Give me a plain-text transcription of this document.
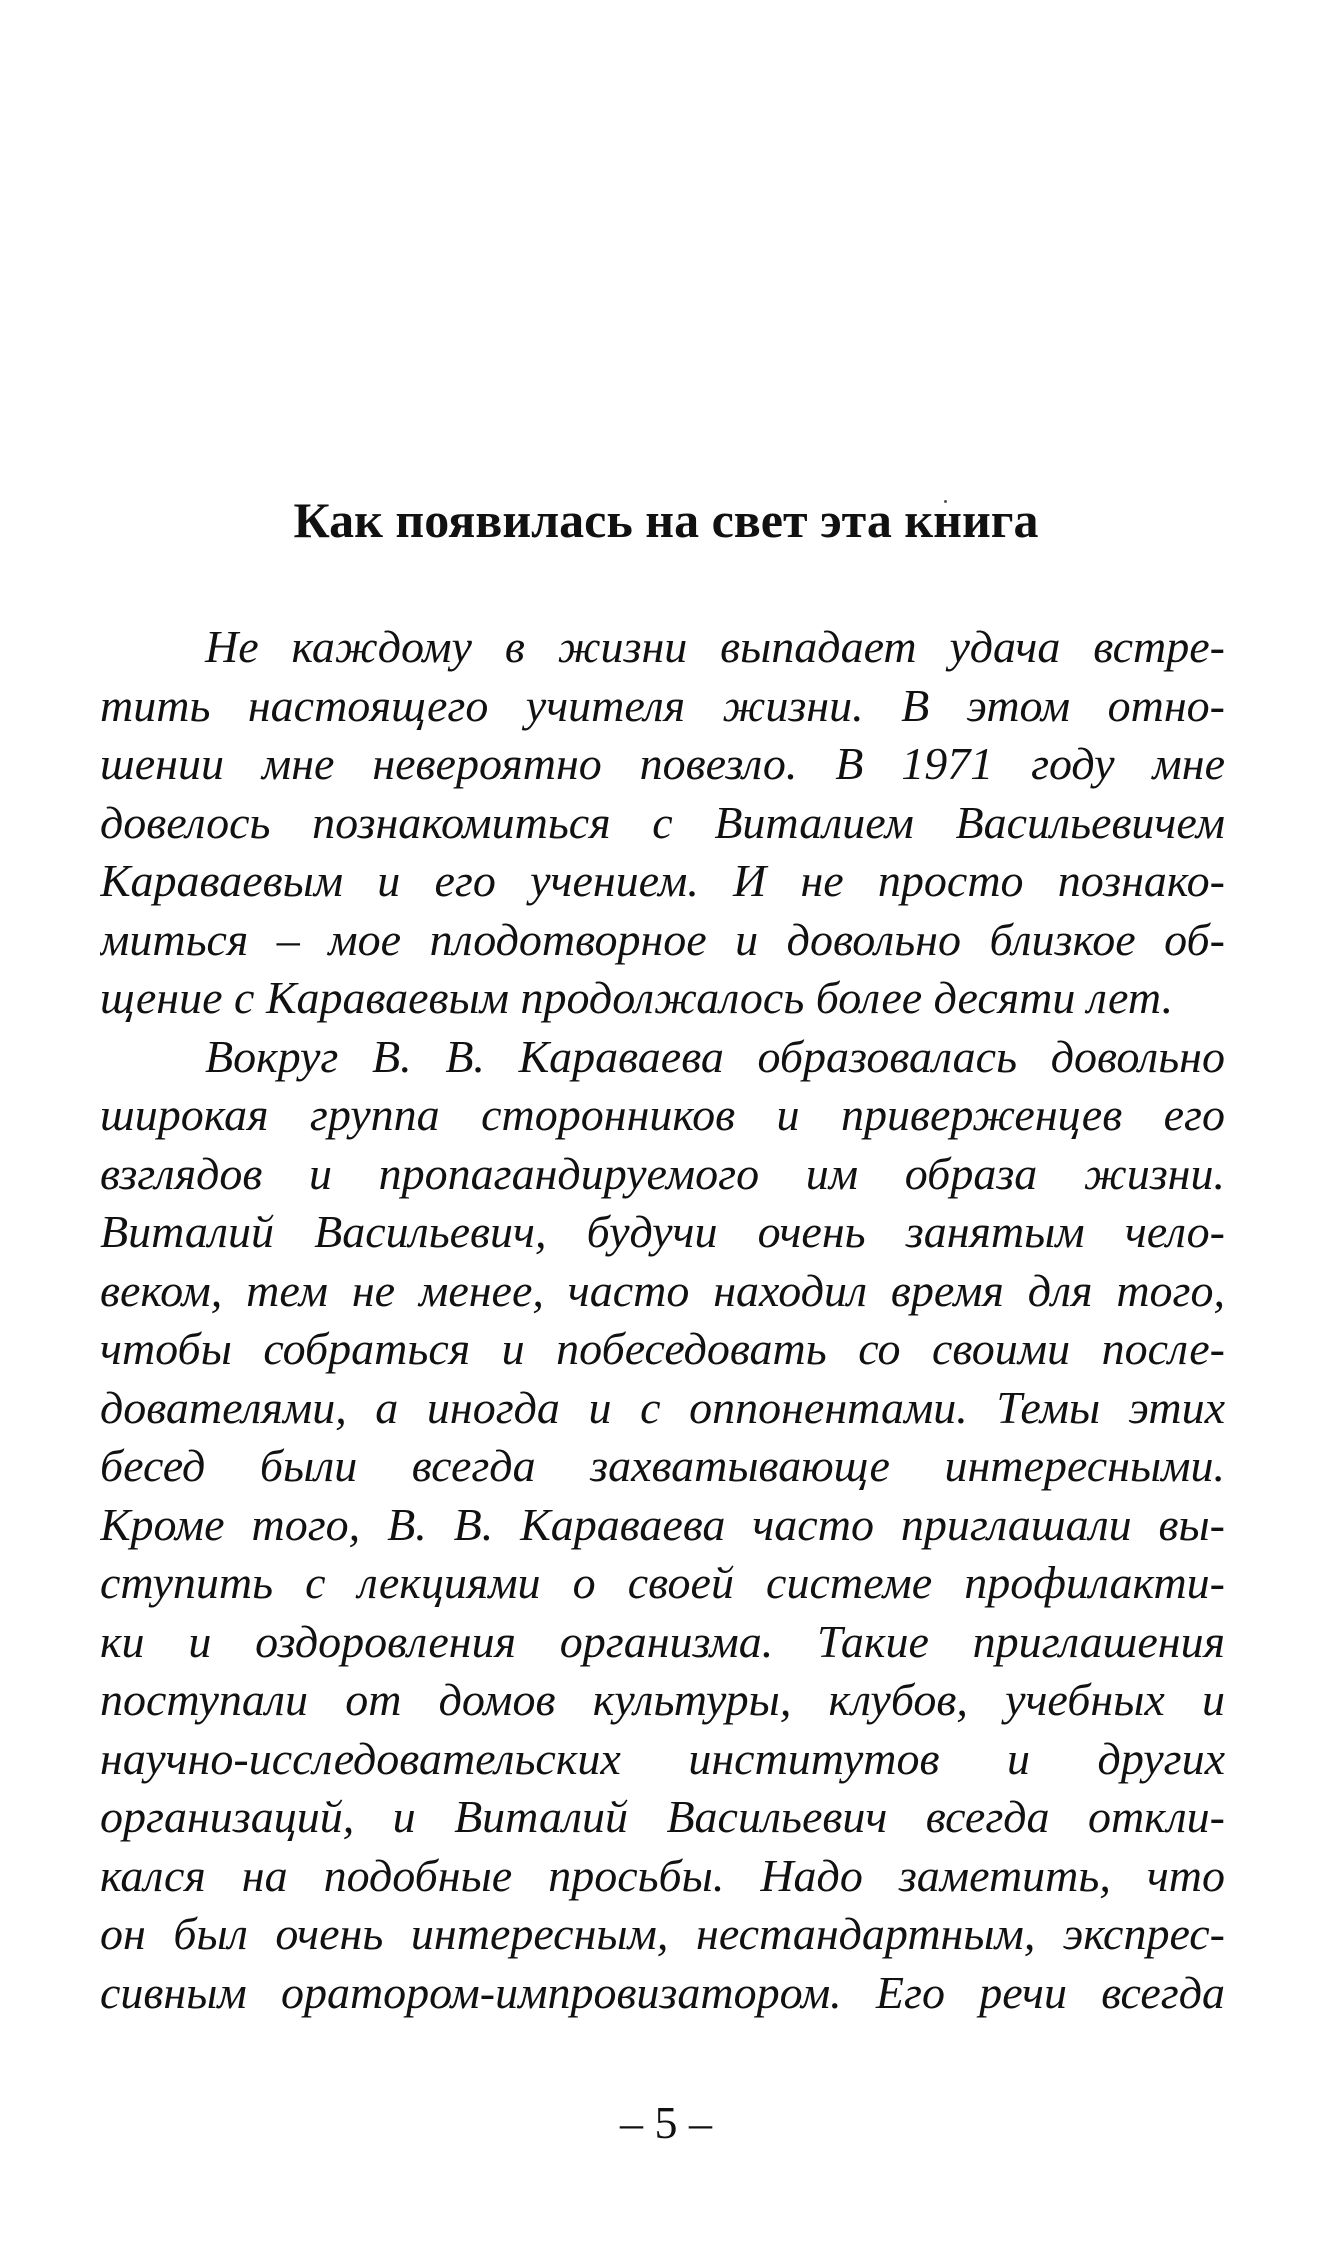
Как появилась на свет эта книга
Не каждому в жизни выпадает удача встре-
тить настоящего учителя жизни. В этом отно-
шении мне невероятно повезло. В 1971 году мне
довелось познакомиться с Виталием Васильевичем
Караваевым и его учением. И не просто познако-
миться – мое плодотворное и довольно близкое об-
щение с Караваевым продолжалось более десяти лет.
Вокруг В. В. Караваева образовалась довольно
широкая группа сторонников и приверженцев его
взглядов и пропагандируемого им образа жизни.
Виталий Васильевич, будучи очень занятым чело-
веком, тем не менее, часто находил время для того,
чтобы собраться и побеседовать со своими после-
дователями, а иногда и с оппонентами. Темы этих
бесед были всегда захватывающе интересными.
Кроме того, В. В. Караваева часто приглашали вы-
ступить с лекциями о своей системе профилакти-
ки и оздоровления организма. Такие приглашения
поступали от домов культуры, клубов, учебных и
научно-исследовательских институтов и других
организаций, и Виталий Васильевич всегда откли-
кался на подобные просьбы. Надо заметить, что
он был очень интересным, нестандартным, экспрес-
сивным оратором-импровизатором. Его речи всегда
– 5 –
